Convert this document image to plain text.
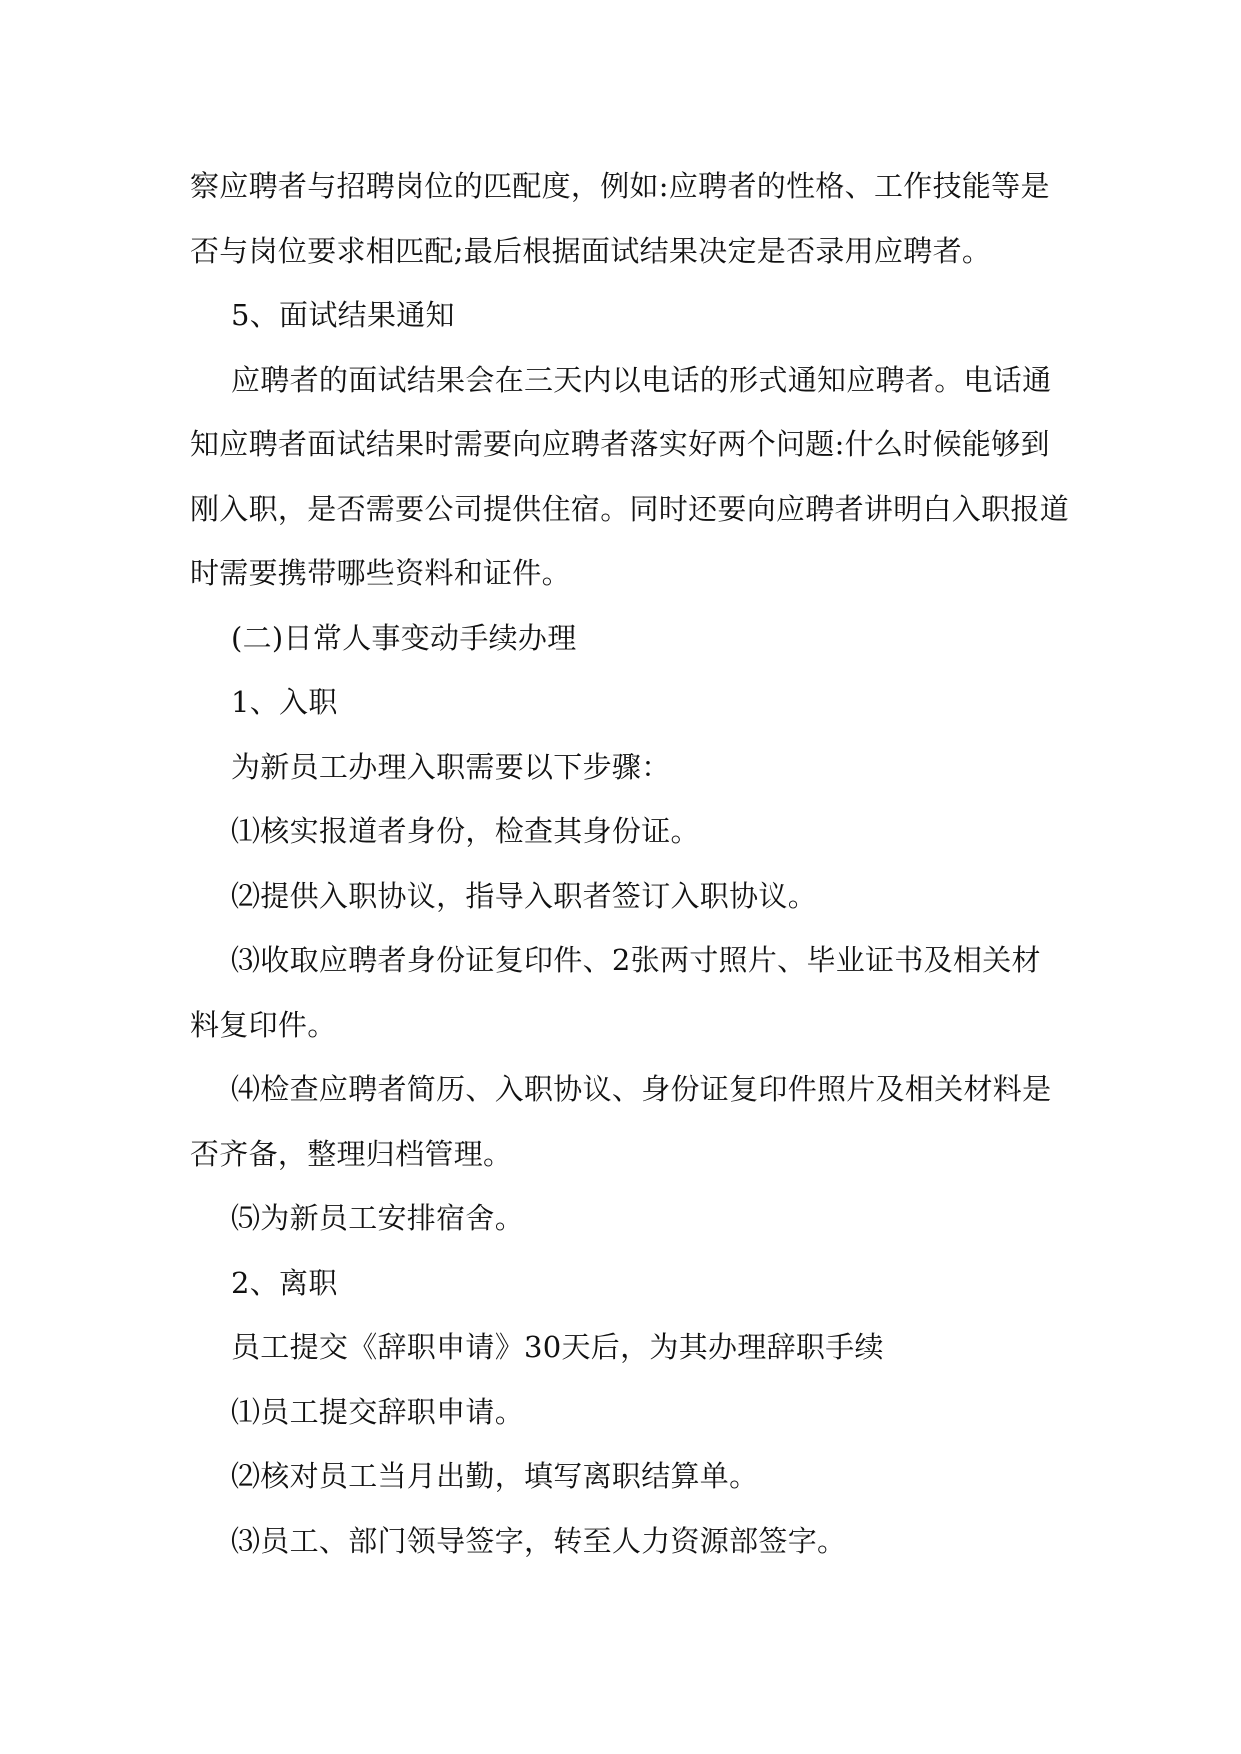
察应聘者与招聘岗位的匹配度，例如:应聘者的性格、工作技能等是否与岗位要求相匹配;最后根据面试结果决定是否录用应聘者。

5、面试结果通知

应聘者的面试结果会在三天内以电话的形式通知应聘者。电话通知应聘者面试结果时需要向应聘者落实好两个问题:什么时候能够到刚入职，是否需要公司提供住宿。同时还要向应聘者讲明白入职报道时需要携带哪些资料和证件。

(二)日常人事变动手续办理

1、入职

为新员工办理入职需要以下步骤：

⑴核实报道者身份，检查其身份证。

⑵提供入职协议，指导入职者签订入职协议。

⑶收取应聘者身份证复印件、2张两寸照片、毕业证书及相关材料复印件。

⑷检查应聘者简历、入职协议、身份证复印件照片及相关材料是否齐备，整理归档管理。

⑸为新员工安排宿舍。

2、离职

员工提交《辞职申请》30天后，为其办理辞职手续

⑴员工提交辞职申请。

⑵核对员工当月出勤，填写离职结算单。

⑶员工、部门领导签字，转至人力资源部签字。
